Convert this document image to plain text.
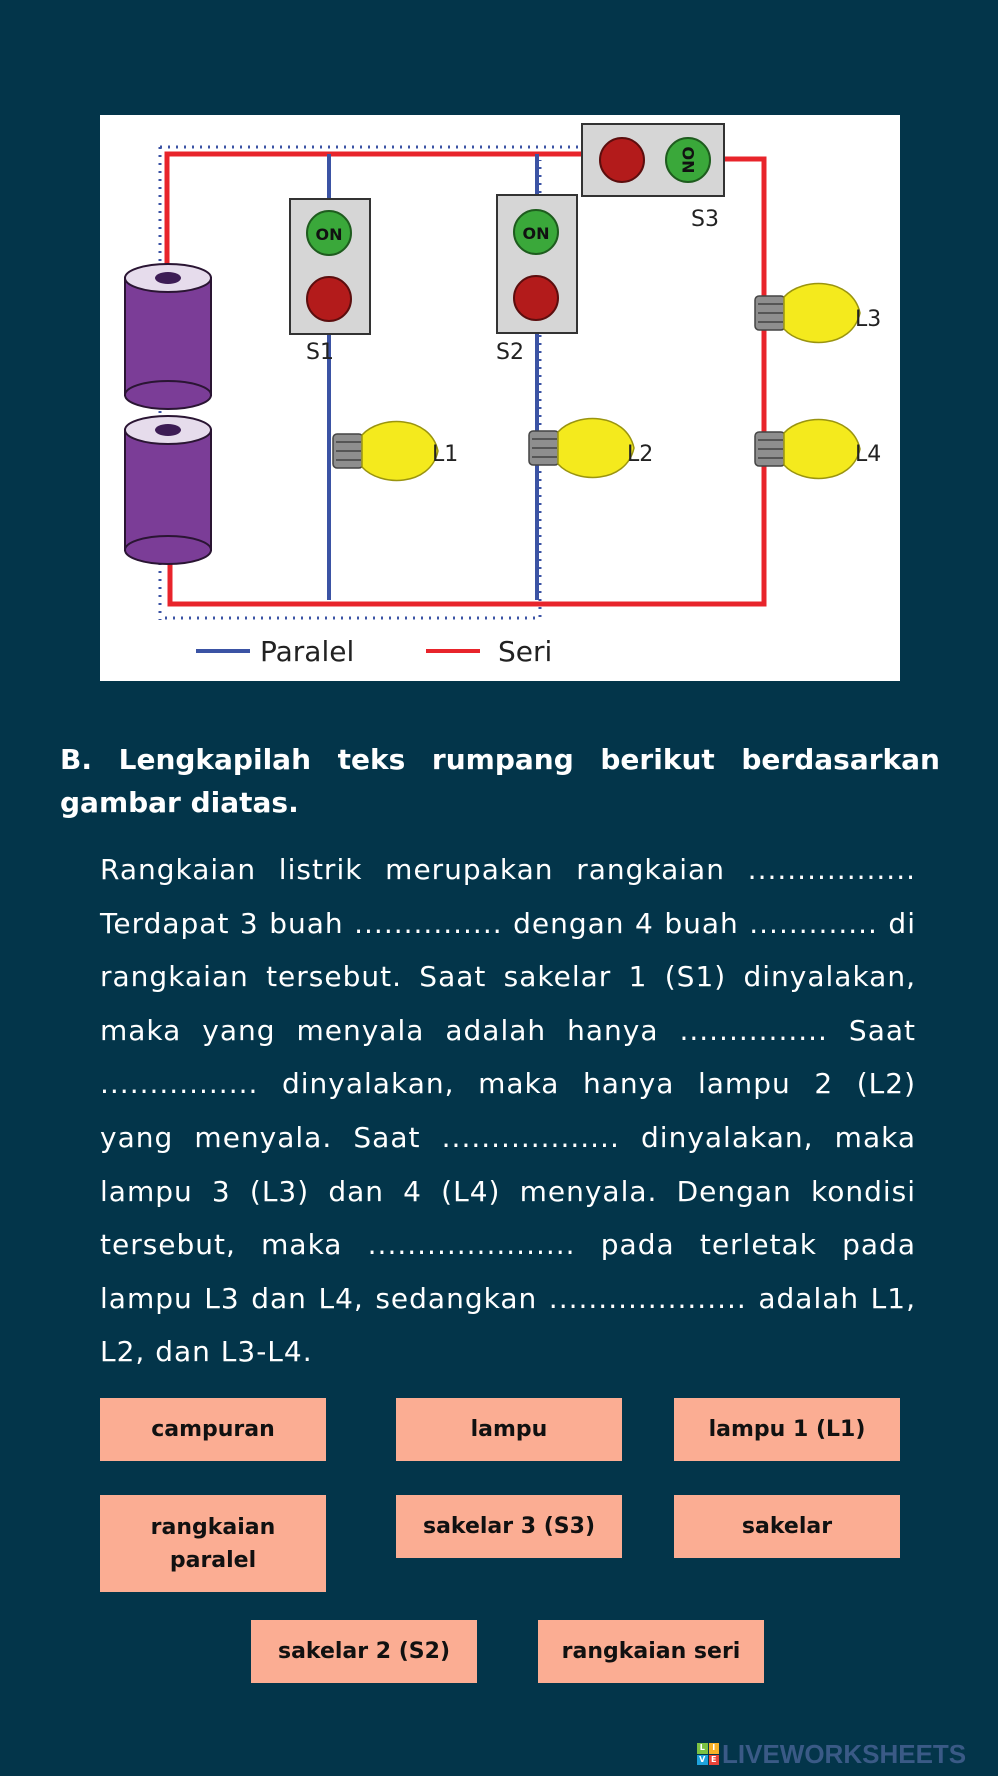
ON
S1
ON
S2
ON
S3
L1	L2
L3
L4
Paralel	Seri
B. Lengkapilah teks rumpang berikut berdasarkan gambar diatas.

Rangkaian listrik merupakan rangkaian ................. Terdapat 3 buah ............... dengan 4 buah ............. di rangkaian tersebut. Saat sakelar 1 (S1) dinyalakan, maka yang menyala adalah hanya ............... Saat ................ dinyalakan, maka hanya lampu 2 (L2) yang menyala. Saat .................. dinyalakan, maka lampu 3 (L3) dan 4 (L4) menyala. Dengan kondisi tersebut, maka ..................... pada terletak pada lampu L3 dan L4, sedangkan .................... adalah L1, L2, dan L3-L4.

campuran	lampu	lampu 1 (L1)
rangkaian paralel
sakelar 3 (S3)	sakelar
sakelar 2 (S2)	rangkaian seri
L I
V E LIVEWORKSHEETS
